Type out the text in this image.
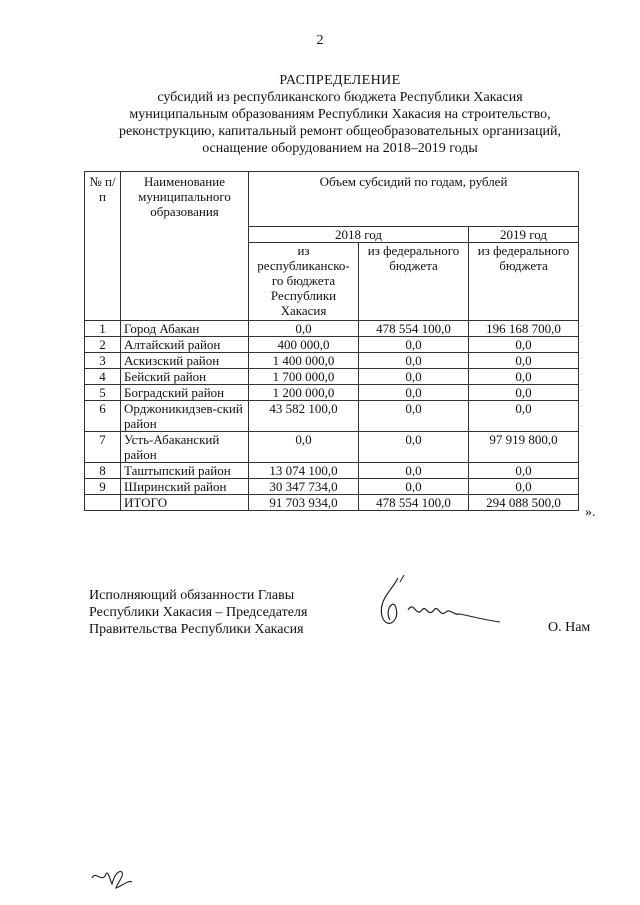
2
РАСПРЕДЕЛЕНИЕ
субсидий из республиканского бюджета Республики Хакасия
муниципальным образованиям Республики Хакасия на строительство,
реконструкцию, капитальный ремонт общеобразовательных организаций,
оснащение оборудованием на 2018–2019 годы
№ п/п	Наименование муниципального образования	Объем субсидий по годам, рублей		
		2018 год		2019 год
		из республиканско-го бюджета Республики Хакасия	из федерального бюджета	из федерального бюджета
1	Город Абакан	0,0	478 554 100,0	196 168 700,0
2	Алтайский район	400 000,0	0,0	0,0
3	Аскизский район	1 400 000,0	0,0	0,0
4	Бейский район	1 700 000,0	0,0	0,0
5	Боградский район	1 200 000,0	0,0	0,0
6	Орджоникидзев-ский район	43 582 100,0	0,0	0,0
7	Усть-Абаканский район	0,0	0,0	97 919 800,0
8	Таштыпский район	13 074 100,0	0,0	0,0
9	Ширинский район	30 347 734,0	0,0	0,0
	ИТОГО	91 703 934,0	478 554 100,0	294 088 500,0
».
Исполняющий обязанности Главы
Республики Хакасия – Председателя
Правительства Республики Хакасия	О. Нам
